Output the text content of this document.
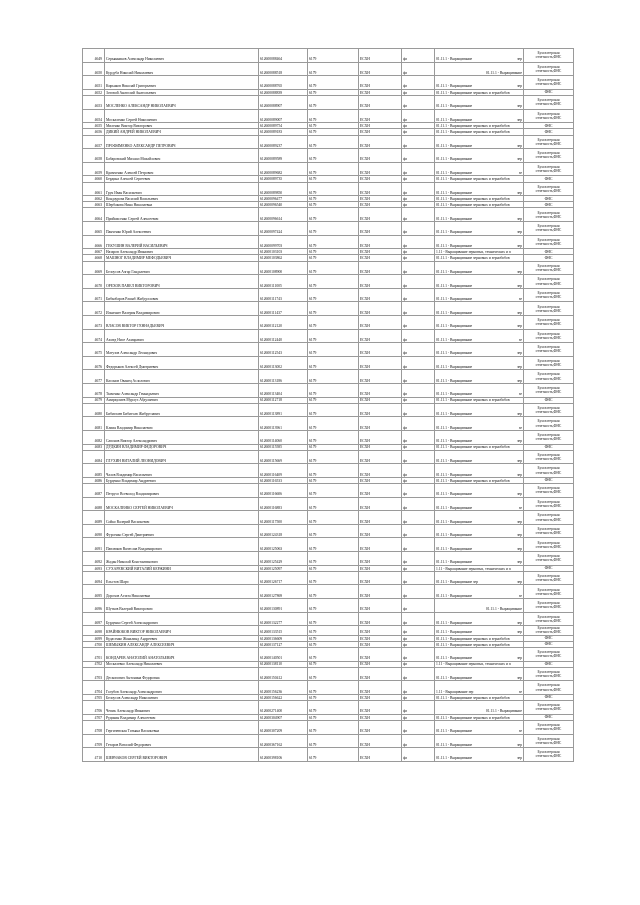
4649	Серьянников Александр Николаевич	612600088464	6179	ЕСХН	фл	01.11.1 - Выращивание зер	Бухгалтерская отчетность,ФНС
4650	Курдуба Николай Николаевич	612600088518	6179	ЕСХН	фл	01.11.1 - Выращивание	Бухгалтерская отчетность,ФНС
4651	Кирьяков Николай Григорьевич	612600088765	6179	ЕСХН	фл	01.11.1 - Выращивание зер	Бухгалтерская отчетность,ФНС
4652	Зотовой Анатолий Анатольевич	612600088839	6179	ЕСХН	фл	01.11.1 - Выращивание зерновых и зернобобов	ФНС
4653	МОСЛЕНКО АЛЕКСАНДР НИКОЛАЕВИЧ	612600088907	6179	ЕСХН	фл	01.11.1 - Выращивание зер	Бухгалтерская отчетность,ФНС
4654	Москаленко Сергей Николаевич	612600089007	6179	ЕСХН	фл	01.11.1 - Выращивание зер	Бухгалтерская отчетность,ФНС
4655	Миленко Виктор Викторович	612600089754	6179	ЕСХН	фл	01.11.1 - Выращивание зерновых и зернобобов	ФНС
4656	ДИКИЙ АНДРЕЙ НИКОЛАЕВИЧ	612600089183	6179	ЕСХН	фл	01.11.1 - Выращивание зерновых и зернобобов	ФНС
4657	ПРОФИМЕНКО АЛЕКСАНДР ПЕТРОВИЧ	612600089237	6179	ЕСХН	фл	01.11.1 - Выращивание зер	Бухгалтерская отчетность,ФНС
4658	Бабаровский Михаил Михайлович	612600089589	6179	ЕСХН	фл	01.11.1 - Выращивание зер	Бухгалтерская отчетность,ФНС
4659	Крамченко Алексей Петрович	612600089682	6179	ЕСХН	фл	01.11.1 - Выращивание зе	Бухгалтерская отчетность,ФНС
4660	Бердина Алексей Сергеевич	612600089735	6179	ЕСХН	фл	01.11.1 - Выращивание зерновых и зернобобов	ФНС
4661	Грук Иван Васильевич	612600089850	6179	ЕСХН	фл	01.11.1 - Выращивание зер	Бухгалтерская отчетность,ФНС
4662	Кондаурова Василий Васильевич	612600096477	6179	ЕСХН	фл	01.11.1 - Выращивание зерновых и зернобобов	ФНС
4663	Шербакова Нина Николаевна	612600096540	6179	ЕСХН	фл	01.11.1 - Выращивание зерновых и зернобобов	ФНС
4664	Приймасенко Сергей Алексеевич	612600096614	6179	ЕСХН	фл	01.11.1 - Выращивание зер	Бухгалтерская отчетность,ФНС
4665	Панченко Юрий Алексеевич	612600097424	6179	ЕСХН	фл	01.11.1 - Выращивание зер	Бухгалтерская отчетность,ФНС
4666	ГЕКУШИН ВАЛЕРИЙ ВАСИЛЬЕВИЧ	612600099703	6179	ЕСХН	фл	01.11.1 - Выращивание зер	Бухгалтерская отчетность,ФНС
4667	Назаров Александр Иванович	612600103103	6179	ЕСХН	фл	1.11 - Выращивание зерновых, технических и п	ФНС
4668	МАШНОГ ВЛАДИМИР МЕФОДЬЕВИЧ	612600103862	6179	ЕСХН	фл	01.11.1 - Выращивание зерновых и зернобобов	ФНС
4669	Белоусов Азгар Гандалевич	612600108900	6179	ЕСХН	фл	01.11.1 - Выращивание зер	Бухгалтерская отчетность,ФНС
4670	ОРЕХОВ ПАВЕЛ ВИКТОРОВИЧ	612600111005	6179	ЕСХН	фл	01.11.1 - Выращивание зер	Бухгалтерская отчетность,ФНС
4671	Бибкобаров Рашнб Жибдуллович	612600111743	6179	ЕСХН	фл	01.11.1 - Выращивание зе	Бухгалтерская отчетность,ФНС
4672	Ильичнег Валерия Владимирович	612600111437	6179	ЕСХН	фл	01.11.1 - Выращивание зер	Бухгалтерская отчетность,ФНС
4673	ВЛАСОВ ВИКТОР ГЕННАДЬЕВИЧ	612600112120	6179	ЕСХН	фл	01.11.1 - Выращивание зер	Бухгалтерская отчетность,ФНС
4674	Ахмед Нисе Ахмаравич	612600112440	6179	ЕСХН	фл	01.11.1 - Выращивание зе	Бухгалтерская отчетность,ФНС
4675	Матузов Александр Леонидович	612600112543	6179	ЕСХН	фл	01.11.1 - Выращивание зер	Бухгалтерская отчетность,ФНС
4676	Федорыков Алексей Дмитриевич	612600113002	6179	ЕСХН	фл	01.11.1 - Выращивание зер	Бухгалтерская отчетность,ФНС
4677	Касонов Ованец Аслолович	612600113186	6179	ЕСХН	фл	01.11.1 - Выращивание зер	Бухгалтерская отчетность,ФНС
4678	Ткаченко Александр Геннадьевич	612600113404	6179	ЕСХН	фл	01.11.1 - Выращивание зе	Бухгалтерская отчетность,ФНС
4679	Амиркулиев Мурлуз Абдулаевич	612600112718	6179	ЕСХН	фл	01.11.1 - Выращивание зерновых и зернобобов	ФНС
4680	Бибиглаев Бибиесав Жибруглавич	612600113891	6179	ЕСХН	фл	01.11.1 - Выращивание зер	Бухгалтерская отчетность,ФНС
4681	Клиия Владимир Николаевич	612600113961	6179	ЕСХН	фл	01.11.1 - Выращивание зе	Бухгалтерская отчетность,ФНС
4682	Сапонов Виктор Александрович	612600114060	6179	ЕСХН	фл	01.11.1 - Выращивание зер	Бухгалтерская отчетность,ФНС
4683	ДУДКИН ВЛАДИМИР ФЕДОРОВИЧ	612600115585	6179	ЕСХН	фл	01.11.1 - Выращивание зерновых и зернобобов	ФНС
4684	ГЛУХИН ВИТАЛИЙ ЛЕОНИДОВИЧ	612600115669	6179	ЕСХН	фл	01.11.1 - Выращивание зер	Бухгалтерская отчетность,ФНС
4685	Чалов Владимир Васильевич	612600116409	6179	ЕСХН	фл	01.11.1 - Выращивание зер	Бухгалтерская отчетность,ФНС
4686	Бурденко Владимир Андреевич	612600116533	6179	ЕСХН	фл	01.11.1 - Выращивание зерновых и зернобобов	ФНС
4687	Петрусо Всеволод Владимирович	612600116606	6179	ЕСХН	фл	01.11.1 - Выращивание зер	Бухгалтерская отчетность,ФНС
4688	МОСКАЛЕНКО СЕРГЕЙ НИКОЛАЕВИЧ	612600116883	6179	ЕСХН	фл	01.11.1 - Выращивание зе	Бухгалтерская отчетность,ФНС
4689	Сойко Валерий Васильевич	612600117500	6179	ЕСХН	фл	01.11.1 - Выращивание зер	Бухгалтерская отчетность,ФНС
4690	Фурсенко Сергей Дмитриевич	612600124318	6179	ЕСХН	фл	01.11.1 - Выращивание зер	Бухгалтерская отчетность,ФНС
4691	Павлюков Вячеслав Владимирович	612600125063	6179	ЕСХН	фл	01.11.1 - Выращивание зер	Бухгалтерская отчетность,ФНС
4692	Жадан Николай Константинович	612600125429	6179	ЕСХН	фл	01.11.1 - Выращивание зер	Бухгалтерская отчетность,ФНС
4693	СУХАРЕВСКИЙ ВИТАЛИЙ КЕРЖИНИ	612600125097	6179	ЕСХН	фл	1.11 - Выращивание зерновых, технических и п	ФНС
4694	Ельстов Шарч	612600126717	6179	ЕСХН	фл	01.11.1 - Выращивание зер зер	Бухгалтерская отчетность,ФНС
4695	Дорохов Агзата Николаевна	612600127869	6179	ЕСХН	фл	01.11.1 - Выращивание зе	Бухгалтерская отчетность,ФНС
4696	Шутков Валерий Викторович	612600130891	6179	ЕСХН	фл	01.11.1 - Выращивание	Бухгалтерская отчетность,ФНС
4697	Бурденко Сергей Александрович	612600132277	6179	ЕСХН	фл	01.11.1 - Выращивание зер	Бухгалтерская отчетность,ФНС
4698	КРАЙНЮКОВ ВИКТОР НИКОЛАЕВИЧ	612600133515	6179	ЕСХН	фл	01.11.1 - Выращивание зер	Бухгалтерская отчетность,ФНС
4699	Кудасенко Жаналинд Андреевич	612600136609	6179	ЕСХН	фл	01.11.1 - Выращивание зерновых и зернобобов	ФНС
4700	ШЕМЫКИН АЛЕКСАНДР АЛЕКСЕЕВИЧ	612600137127	6179	ЕСХН	фл	01.11.1 - Выращивание зерновых и зернобобов	ФНС
4701	КОНДАРЕВ АНАТОЛИЙ АНАТОЛЬЕВИЧ	612600140501	6179	ЕСХН	фл	01.11.1 - Выращивание зер	Бухгалтерская отчетность,ФНС
4702	Москалевко Александр Николаевич	612600138110	6179	ЕСХН	фл	1.11 - Выращивание зерновых, технических и п	ФНС
4703	Дескопович Антонина Федоровна	612600150412	6179	ЕСХН	фл	01.11.1 - Выращивание зер	Бухгалтерская отчетность,ФНС
4704	Голубов Александр Александрович	612600156236	6179	ЕСХН	фл	1.11 - Выращивание зер зе	Бухгалтерская отчетность,ФНС
4705	Белоусов Александр Николаевич	612600156622	6179	ЕСХН	фл	01.11.1 - Выращивание зерновых и зернобобов	ФНС
4706	Чепик Александр Иванович	612600271400	6179	ЕСХН	фл	01.11.1 - Выращивание	Бухгалтерская отчетность,ФНС
4707	Рудикин Владимир Алексеевич	612600304907	6179	ЕСХН	фл	01.11.1 - Выращивание зерновых и зернобобов	ФНС
4708	Гергичевская Татьяна Васильевна	612600307209	6179	ЕСХН	фл	01.11.1 - Выращивание зе	Бухгалтерская отчетность,ФНС
4709	Гетаров Виталий Федорович	612600367162	6179	ЕСХН	фл	01.11.1 - Выращивание зер	Бухгалтерская отчетность,ФНС
4710	ШЕВЧАКОВ СЕРГЕЙ ВИКТОРОВИЧ	612600398106	6179	ЕСХН	фл	01.11.1 - Выращивание зер	Бухгалтерская отчетность,ФНС
